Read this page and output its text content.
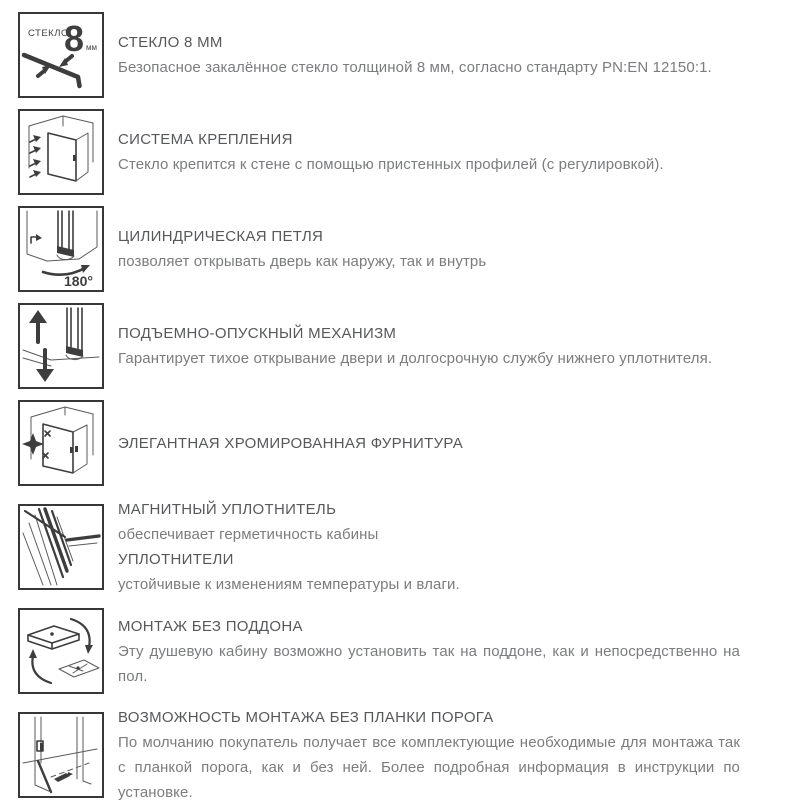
СТЕКЛО
8 мм СТЕКЛО 8 ММ

Безопасное закалённое стекло толщиной 8 мм, согласно стандарту PN:EN 12150:1.

СИСТЕМА КРЕПЛЕНИЯ

Стекло крепится к стене с помощью пристенных профилей (с регулировкой).

180°
ЦИЛИНДРИЧЕСКАЯ ПЕТЛЯ

позволяет открывать дверь как наружу, так и внутрь

ПОДЪЕМНО-ОПУСКНЫЙ МЕХАНИЗМ

Гарантирует тихое открывание двери и долгосрочную службу нижнего уплотнителя.

ЭЛЕГАНТНАЯ ХРОМИРОВАННАЯ ФУРНИТУРА
МАГНИТНЫЙ УПЛОТНИТЕЛЬ

обеспечивает герметичность кабины

УПЛОТНИТЕЛИ

устойчивые к изменениям температуры и влаги.

МОНТАЖ БЕЗ ПОДДОНА

Эту душевую кабину возможно установить так на поддоне, как и непосредственно на пол.

ВОЗМОЖНОСТЬ МОНТАЖА БЕЗ ПЛАНКИ ПОРОГА

По молчанию покупатель получает все комплектующие необходимые для монтажа так с планкой порога, как и без ней. Более подробная информация в инструкции по установке.
